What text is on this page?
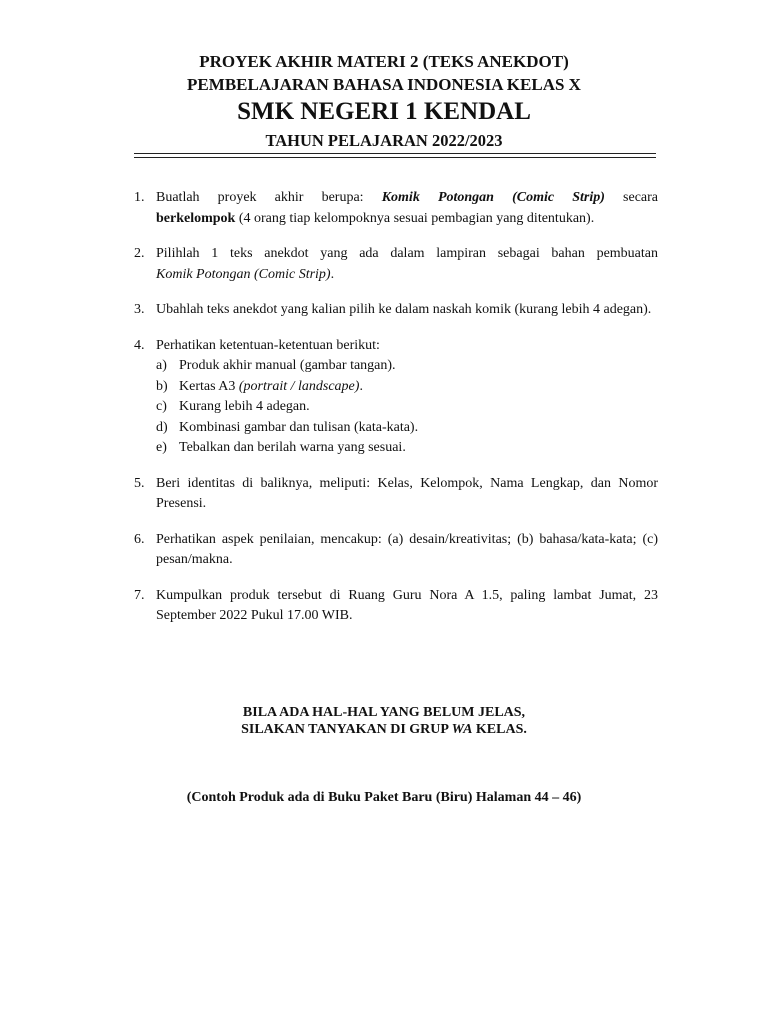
PROYEK AKHIR MATERI 2 (TEKS ANEKDOT)
PEMBELAJARAN BAHASA INDONESIA KELAS X
SMK NEGERI 1 KENDAL
TAHUN PELAJARAN 2022/2023
1. Buatlah proyek akhir berupa: Komik Potongan (Comic Strip) secara
berkelompok (4 orang tiap kelompoknya sesuai pembagian yang ditentukan).
2. Pilihlah 1 teks anekdot yang ada dalam lampiran sebagai bahan pembuatan
Komik Potongan (Comic Strip).
3. Ubahlah teks anekdot yang kalian pilih ke dalam naskah komik (kurang lebih 4 adegan).
4. Perhatikan ketentuan-ketentuan berikut:
a) Produk akhir manual (gambar tangan).
b) Kertas A3 (portrait / landscape).
c) Kurang lebih 4 adegan.
d) Kombinasi gambar dan tulisan (kata-kata).
e) Tebalkan dan berilah warna yang sesuai.
5. Beri identitas di baliknya, meliputi: Kelas, Kelompok, Nama Lengkap, dan Nomor Presensi.
6. Perhatikan aspek penilaian, mencakup: (a) desain/kreativitas; (b) bahasa/kata-kata; (c) pesan/makna.
7. Kumpulkan produk tersebut di Ruang Guru Nora A 1.5, paling lambat Jumat, 23 September 2022 Pukul 17.00 WIB.
BILA ADA HAL-HAL YANG BELUM JELAS,
SILAKAN TANYAKAN DI GRUP WA KELAS.
(Contoh Produk ada di Buku Paket Baru (Biru) Halaman 44 – 46)
